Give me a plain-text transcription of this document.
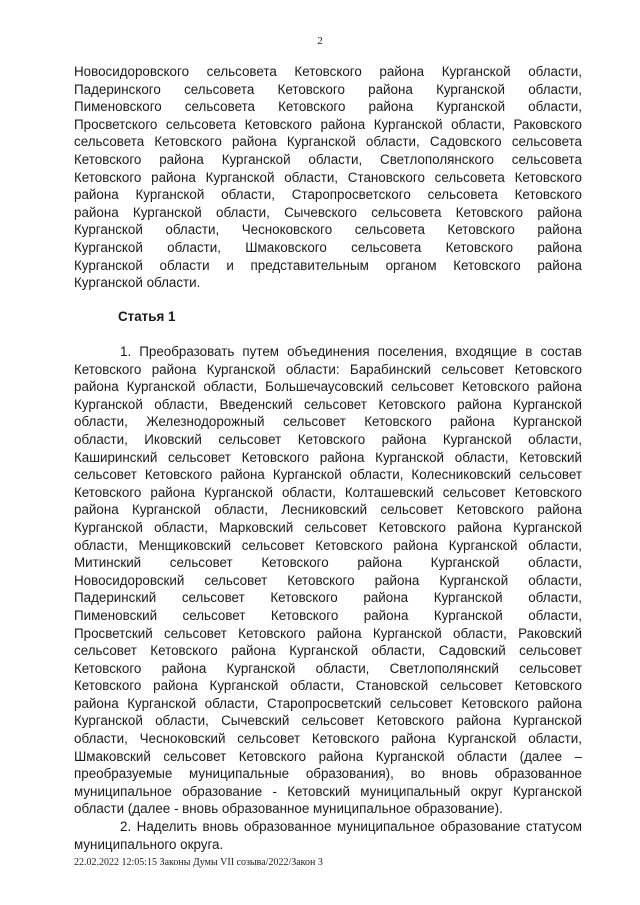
2
Новосидоровского сельсовета Кетовского района Курганской области,
Падеринского сельсовета Кетовского района Курганской области,
Пименовского сельсовета Кетовского района Курганской области,
Просветского сельсовета Кетовского района Курганской области, Раковского
сельсовета Кетовского района Курганской области, Садовского сельсовета
Кетовского района Курганской области, Светлополянского сельсовета
Кетовского района Курганской области, Становского сельсовета Кетовского
района Курганской области, Старопросветского сельсовета Кетовского
района Курганской области, Сычевского сельсовета Кетовского района
Курганской области, Чесноковского сельсовета Кетовского района
Курганской области, Шмаковского сельсовета Кетовского района
Курганской области и представительным органом Кетовского района
Курганской области.
Статья 1
1. Преобразовать путем объединения поселения, входящие в состав
Кетовского района Курганской области: Барабинский сельсовет Кетовского
района Курганской области, Большечаусовский сельсовет Кетовского района
Курганской области, Введенский сельсовет Кетовского района Курганской
области, Железнодорожный сельсовет Кетовского района Курганской
области, Иковский сельсовет Кетовского района Курганской области,
Каширинский сельсовет Кетовского района Курганской области, Кетовский
сельсовет Кетовского района Курганской области, Колесниковский сельсовет
Кетовского района Курганской области, Колташевский сельсовет Кетовского
района Курганской области, Лесниковский сельсовет Кетовского района
Курганской области, Марковский сельсовет Кетовского района Курганской
области, Менщиковский сельсовет Кетовского района Курганской области,
Митинский сельсовет Кетовского района Курганской области,
Новосидоровский сельсовет Кетовского района Курганской области,
Падеринский сельсовет Кетовского района Курганской области,
Пименовский сельсовет Кетовского района Курганской области,
Просветский сельсовет Кетовского района Курганской области, Раковский
сельсовет Кетовского района Курганской области, Садовский сельсовет
Кетовского района Курганской области, Светлополянский сельсовет
Кетовского района Курганской области, Становской сельсовет Кетовского
района Курганской области, Старопросветский сельсовет Кетовского района
Курганской области, Сычевский сельсовет Кетовского района Курганской
области, Чесноковский сельсовет Кетовского района Курганской области,
Шмаковский сельсовет Кетовского района Курганской области (далее –
преобразуемые муниципальные образования), во вновь образованное
муниципальное образование - Кетовский муниципальный округ Курганской
области (далее - вновь образованное муниципальное образование).
2. Наделить вновь образованное муниципальное образование статусом
муниципального округа.
22.02.2022 12:05:15 Законы Думы VII созыва/2022/Закон 3
